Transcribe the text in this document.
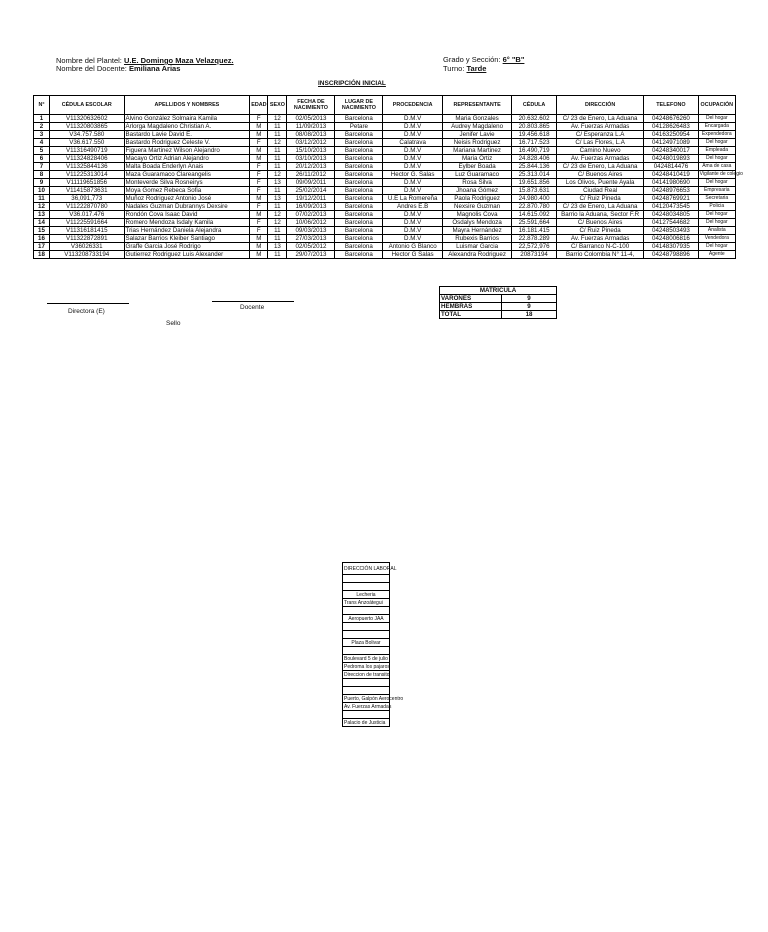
Nombre del Plantel: U.E. Domingo Maza Velazquez.
Nombre del Docente: Emiliana Arias
Grado y Sección: 6° "B"
Turno: Tarde
INSCRIPCIÓN INICIAL
N°	CÉDULA ESCOLAR	APELLIDOS Y NOMBRES	EDAD	SEXO	FECHA DE NACIMIENTO	LUGAR DE NACIMIENTO	PROCEDENCIA	REPRESENTANTE	CÉDULA	DIRECCIÓN	TELEFONO	OCUPACIÓN
1	V11320632602	Alvino González Solmaira Kamila	F	12	02/05/2013	Barcelona	D.M.V	Maria Gonzales	20.632.602	C/ 23 de Enero, La Aduana	04248676260	Del hogar
2	V11320803865	Arlorga Magdaleno Christian A.	M	11	11/09/2013	Petare	D.M.V	Audrey Magdaleno	20.803.865	Av. Fuerzas Armadas	04128626483	Encargada
3	V34.757.580	Bastardo Lavie David E.	M	11	08/08/2013	Barcelona	D.M.V	Jenifer Lavie	19.456.618	C/ Esperanza L.A	04163250954	Expendedora
4	V36.617.550	Bastardo Rodriguez Celeste V.	F	12	03/12/2012	Barcelona	Calatrava	Neisis Rodriguez	16.717.523	C/ Las Flores, L.A	04124971089	Del hogar
5	V11316490719	Figuera Martinez Wilson Alejandro	M	11	15/10/2013	Barcelona	D.M.V	Mariana Martinez	16.490,719	Camino Nuevo	04248340017	Empleada
6	V11324828406	Macayo Ortiz Adrian Alejandro	M	11	03/10/2013	Barcelona	D.M.V	Maria Ortiz	24.828.406	Av. Fuerzas Armadas	04248019893	Del hogar
7	V11325844136	Malta Boada Enderlyn Anais	F	11	20/12/2013	Barcelona	D.M.V	Eylber Boada	25.844.136	C/ 23 de Enero, La Aduana	0424814476	Ama de casa
8	V11225313014	Maza Guaramaco Clareangelis	F	12	26/11/2012	Barcelona	Hector G. Salas	Luz Guaramaco	25.313.014	C/ Buenos Aires	04248410419	Vigilante de colegio
9	V11119651856	Monteverde Silva Rosneirys	F	13	09/09/2011	Barcelona	D.M.V	Rosa Silva	19.651.856	Los Olivos, Puente Ayala	04141980690	Del hogar
10	V11415873631	Moya Gomez Rebeca Sofia	F	11	25/02/2014	Barcelona	D.M.V	Jhoana Gómez	15.873.631	Ciudad Real	04248976653	Empresaria
11	36,091,773	Muñoz Rodriguez Antonio José	M	13	19/12/2011	Barcelona	U.E La Romereña	Paola Rodriguez	24.980.400	C/ Ruiz Pineda	04248769921	Secretaria
12	V11222870780	Nadales Guzman Dubrannys Dexsire	F	11	16/09/2013	Barcelona	Andres E.B	Nexsire Guzman	22.870.780	C/ 23 de Enero, La Aduana	04120473545	Policia
13	V36.017.476	Rondón Cova Isaac David	M	12	07/02/2013	Barcelona	D.M.V	Magnolis Cova	14.615.092	Barrio la Aduana, Sector F.R	04248034805	Del hogar
14	V11225591664	Romero Mendoza Isdaly Kamila	F	12	10/06/2012	Barcelona	D.M.V	Osdalys Mendoza	25.591,664	C/ Buenos Aires	04127544682	Del hogar
15	V11316181415	Trias Hernández Daniela Alejandra	F	11	09/03/2013	Barcelona	D.M.V	Mayra Hernández	16.181.415	C/ Ruiz Pineda	04248503493	Analista
16	V11322872891	Salazar Barrios Kleiber Santiago	M	11	27/03/2013	Barcelona	D.M.V	Rubexis Barrios	22.878.289	Av. Fuerzas Armadas	04248006816	Vendedora
17	V36026331	Graffe Garcia José Rodrigo	M	13	02/05/2012	Barcelona	Antonio G Blanco	Luismar Garcia	22,572,976	C/ Barranco N-C-100	04148307935	Del hogar
18	V113208733194	Gutierrez Rodriguez Luis Alexander	M	11	29/07/2013	Barcelona	Hector G Salas	Alexandra Rodriguez	20873194	Barrio Colombia N° 11-4,	04248798896	Agente
Directora (E)
Docente
Sello
MATRICULA	
VARONES	9
HEMBRAS	9
TOTAL	18
DIRECCIÓN LABORAL

Lecheria
Trans Anzoátegui

Aeropuerto JAA

Plaza Bolivar

Boulevard 5 de julio
Pedroma los pajaros
Direccion de transito

Puerto, Galpón Aerocentro
Av. Fuerzas Armadas

Palacio de Justicia
